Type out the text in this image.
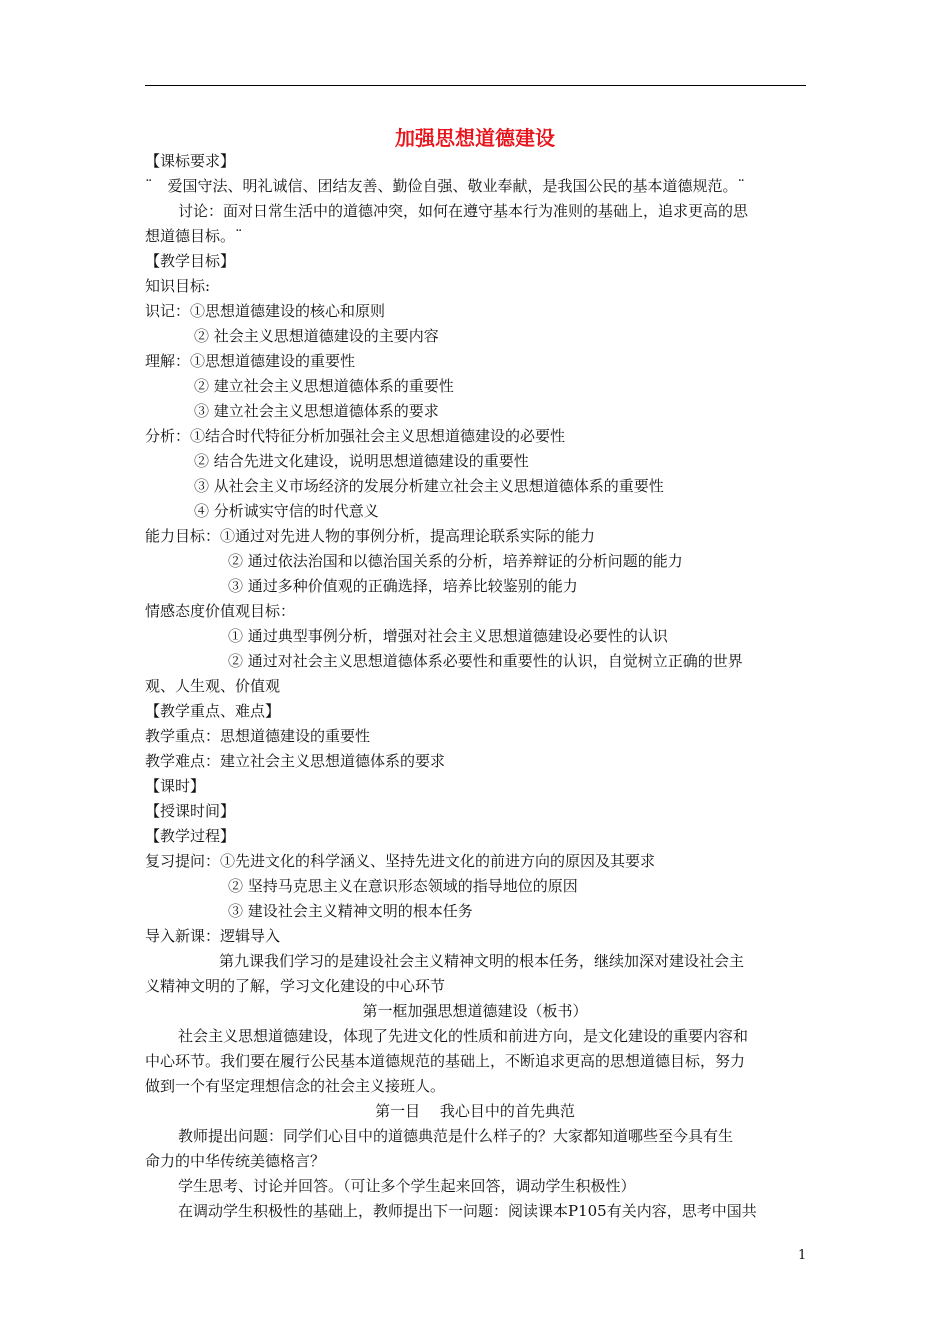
加强思想道德建设
【课标要求】
¨　爱国守法、明礼诚信、团结友善、勤俭自强、敬业奉献，是我国公民的基本道德规范。¨
讨论：面对日常生活中的道德冲突，如何在遵守基本行为准则的基础上，追求更高的思
想道德目标。¨
【教学目标】
知识目标:
识记：①思想道德建设的核心和原则
② 社会主义思想道德建设的主要内容
理解：①思想道德建设的重要性
② 建立社会主义思想道德体系的重要性
③ 建立社会主义思想道德体系的要求
分析：①结合时代特征分析加强社会主义思想道德建设的必要性
② 结合先进文化建设，说明思想道德建设的重要性
③ 从社会主义市场经济的发展分析建立社会主义思想道德体系的重要性
④ 分析诚实守信的时代意义
能力目标：①通过对先进人物的事例分析，提高理论联系实际的能力
② 通过依法治国和以德治国关系的分析，培养辩证的分析问题的能力
③ 通过多种价值观的正确选择，培养比较鉴别的能力
情感态度价值观目标：
① 通过典型事例分析，增强对社会主义思想道德建设必要性的认识
② 通过对社会主义思想道德体系必要性和重要性的认识，自觉树立正确的世界
观、人生观、价值观
【教学重点、难点】
教学重点：思想道德建设的重要性
教学难点：建立社会主义思想道德体系的要求
【课时】
【授课时间】
【教学过程】
复习提问：①先进文化的科学涵义、坚持先进文化的前进方向的原因及其要求
② 坚持马克思主义在意识形态领域的指导地位的原因
③ 建设社会主义精神文明的根本任务
导入新课：逻辑导入
第九课我们学习的是建设社会主义精神文明的根本任务，继续加深对建设社会主
义精神文明的了解，学习文化建设的中心环节
第一框加强思想道德建设（板书）
社会主义思想道德建设，体现了先进文化的性质和前进方向，是文化建设的重要内容和
中心环节。我们要在履行公民基本道德规范的基础上，不断追求更高的思想道德目标，努力
做到一个有坚定理想信念的社会主义接班人。
第一目　 我心目中的首先典范
教师提出问题：同学们心目中的道德典范是什么样子的？大家都知道哪些至今具有生
命力的中华传统美德格言？
学生思考、讨论并回答。（可让多个学生起来回答，调动学生积极性）
在调动学生积极性的基础上，教师提出下一问题：阅读课本P105有关内容，思考中国共
1
